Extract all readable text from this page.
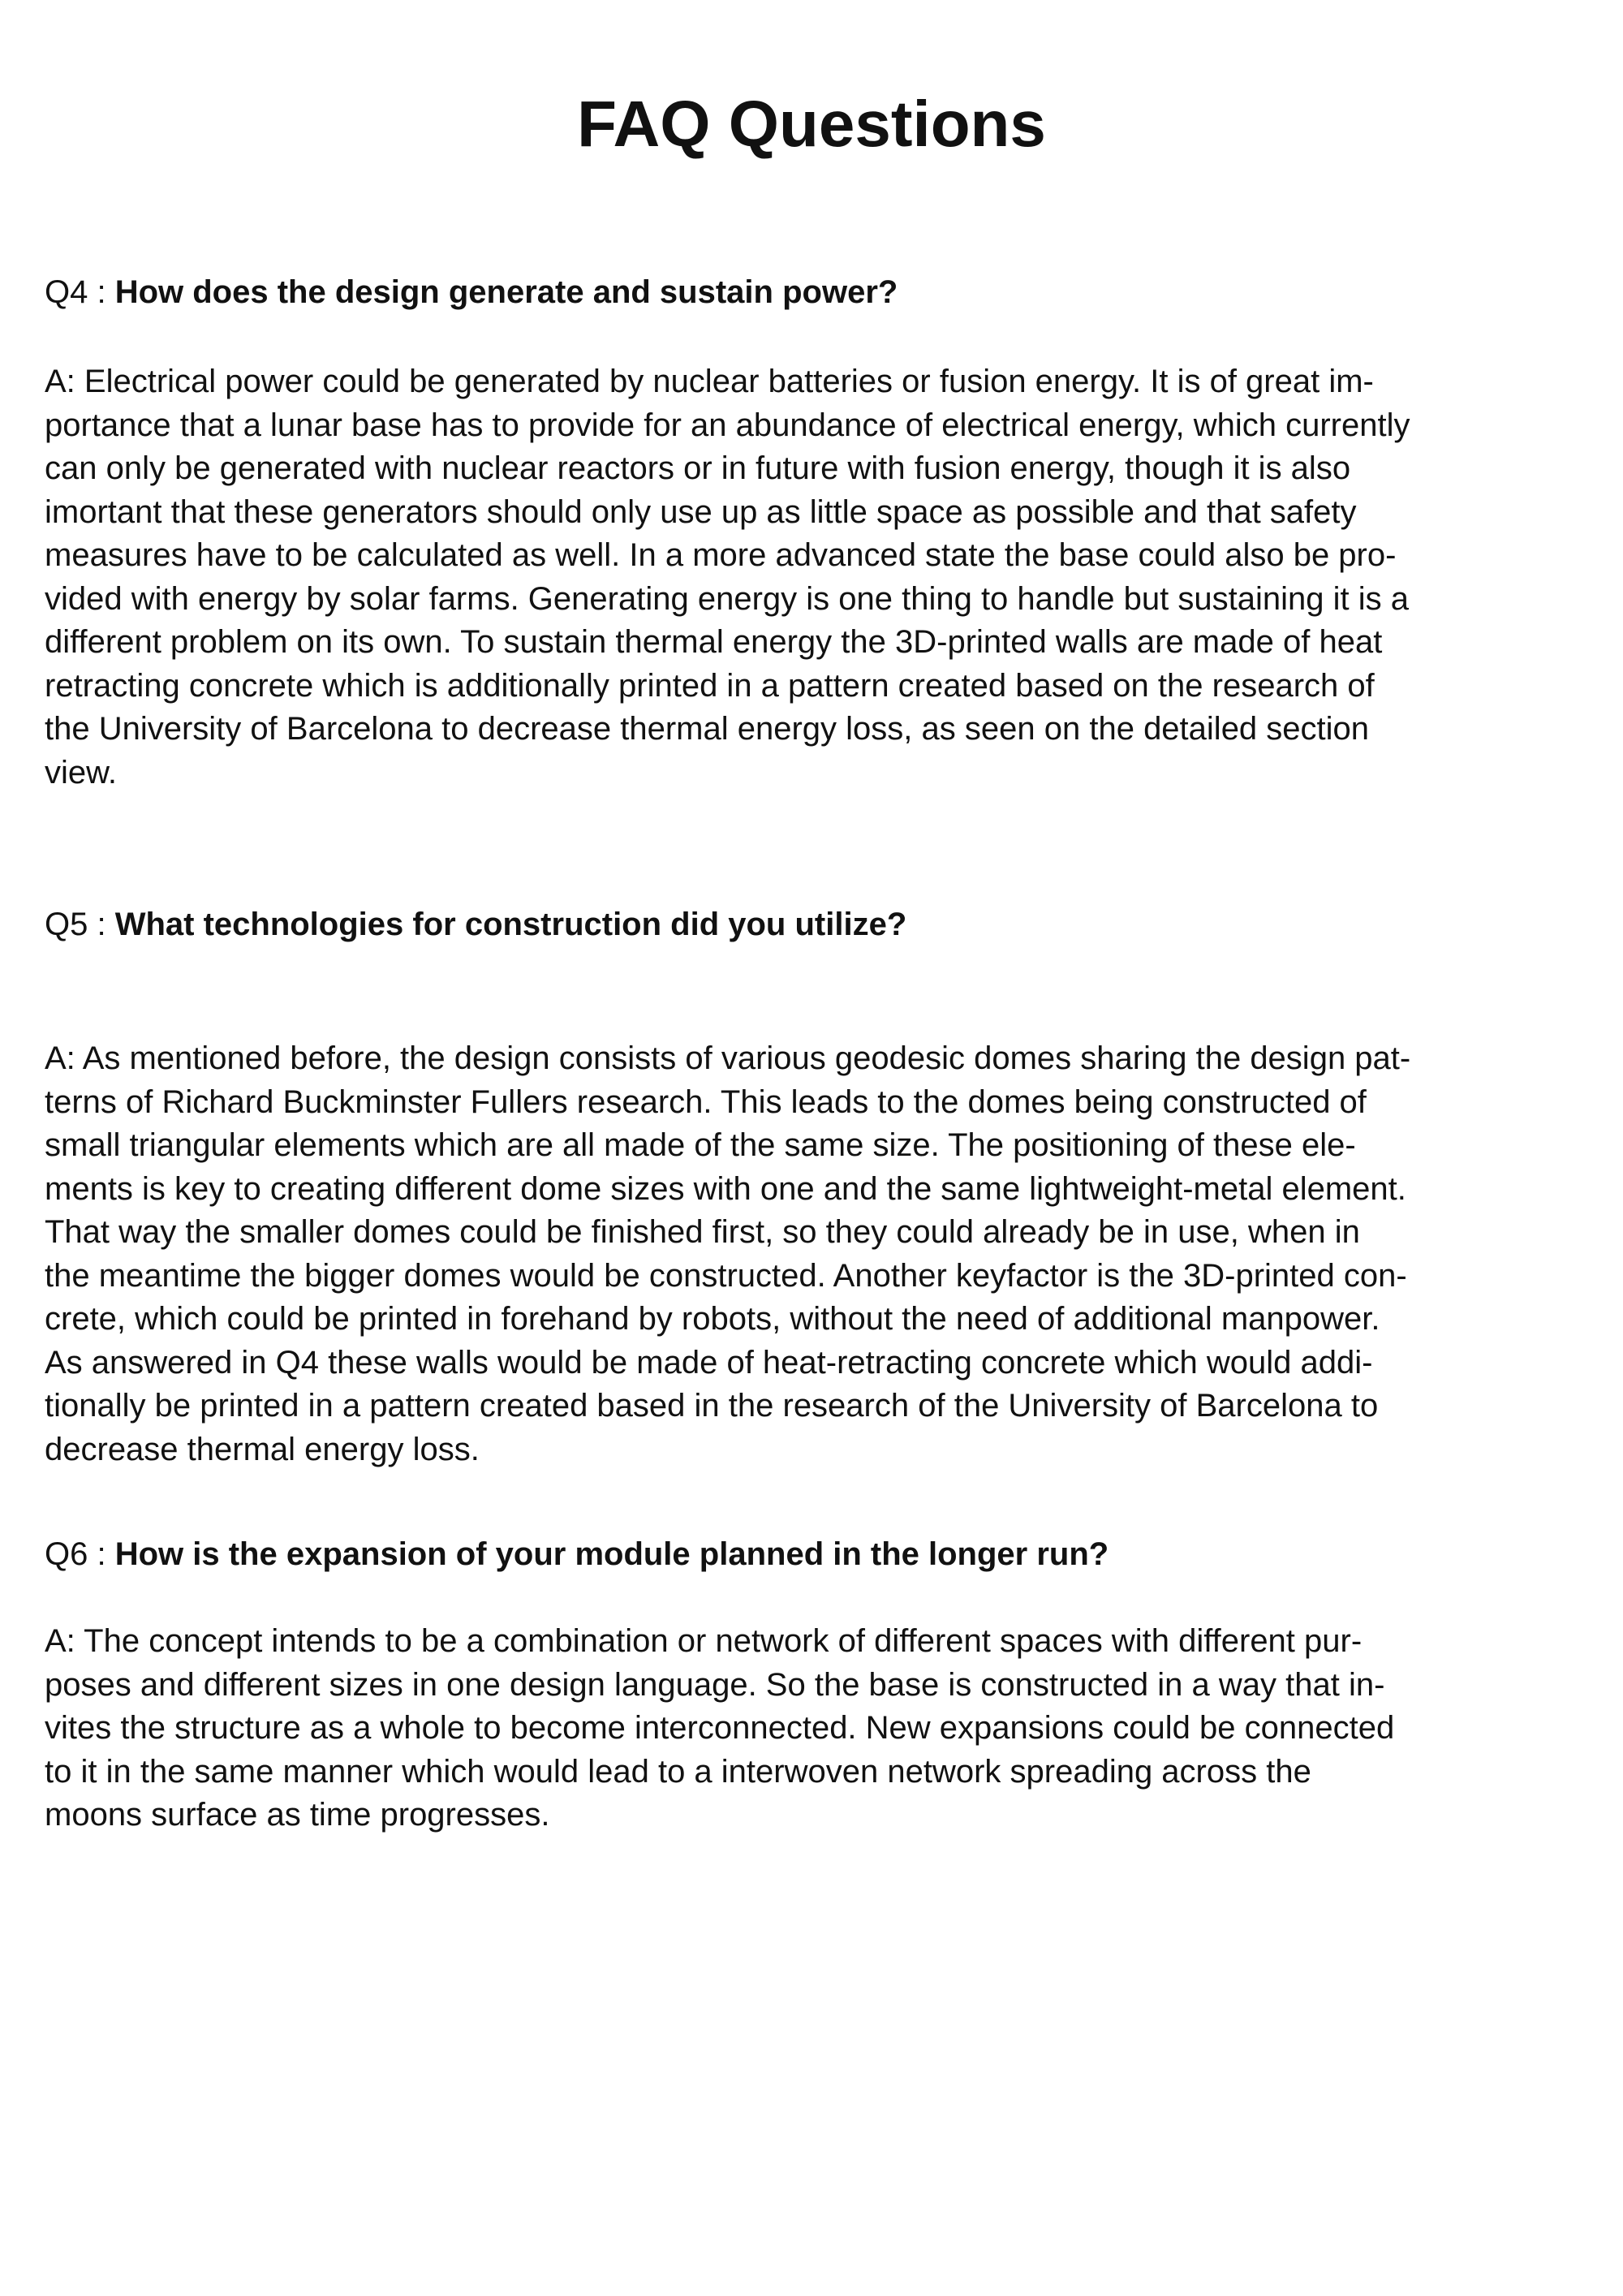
FAQ Questions

Q4 : How does the design generate and sustain power?

A: Electrical power could be generated by nuclear batteries or fusion energy. It is of great im-
portance that a lunar base has to provide for an abundance of electrical energy, which currently
can only be generated with nuclear reactors or in future with fusion energy, though it is also
imortant that these generators should only use up as little space as possible and that safety
measures have to be calculated as well. In a more advanced state the base could also be pro-
vided with energy by solar farms. Generating energy is one thing to handle but sustaining it is a
different problem on its own. To sustain thermal energy the 3D-printed walls are made of heat
retracting concrete which is additionally printed in a pattern created based on the research of
the University of Barcelona to decrease thermal energy loss, as seen on the detailed section
view.

Q5 : What technologies for construction did you utilize?

A: As mentioned before, the design consists of various geodesic domes sharing the design pat-
terns of Richard Buckminster Fullers research. This leads to the domes being constructed of
small triangular elements which are all made of the same size. The positioning of these ele-
ments is key to creating different dome sizes with one and the same lightweight-metal element.
That way the smaller domes could be finished first, so they could already be in use, when in
the meantime the bigger domes would be constructed. Another keyfactor is the 3D-printed con-
crete, which could be printed in forehand by robots, without the need of additional manpower.
As answered in Q4 these walls would be made of heat-retracting concrete which would addi-
tionally be printed in a pattern created based in the research of the University of Barcelona to
decrease thermal energy loss.

Q6 : How is the expansion of your module planned in the longer run?

A: The concept intends to be a combination or network of different spaces with different pur-
poses and different sizes in one design language. So the base is constructed in a way that in-
vites the structure as a whole to become interconnected. New expansions could be connected
to it in the same manner which would lead to a interwoven network spreading across the
moons surface as time progresses.
